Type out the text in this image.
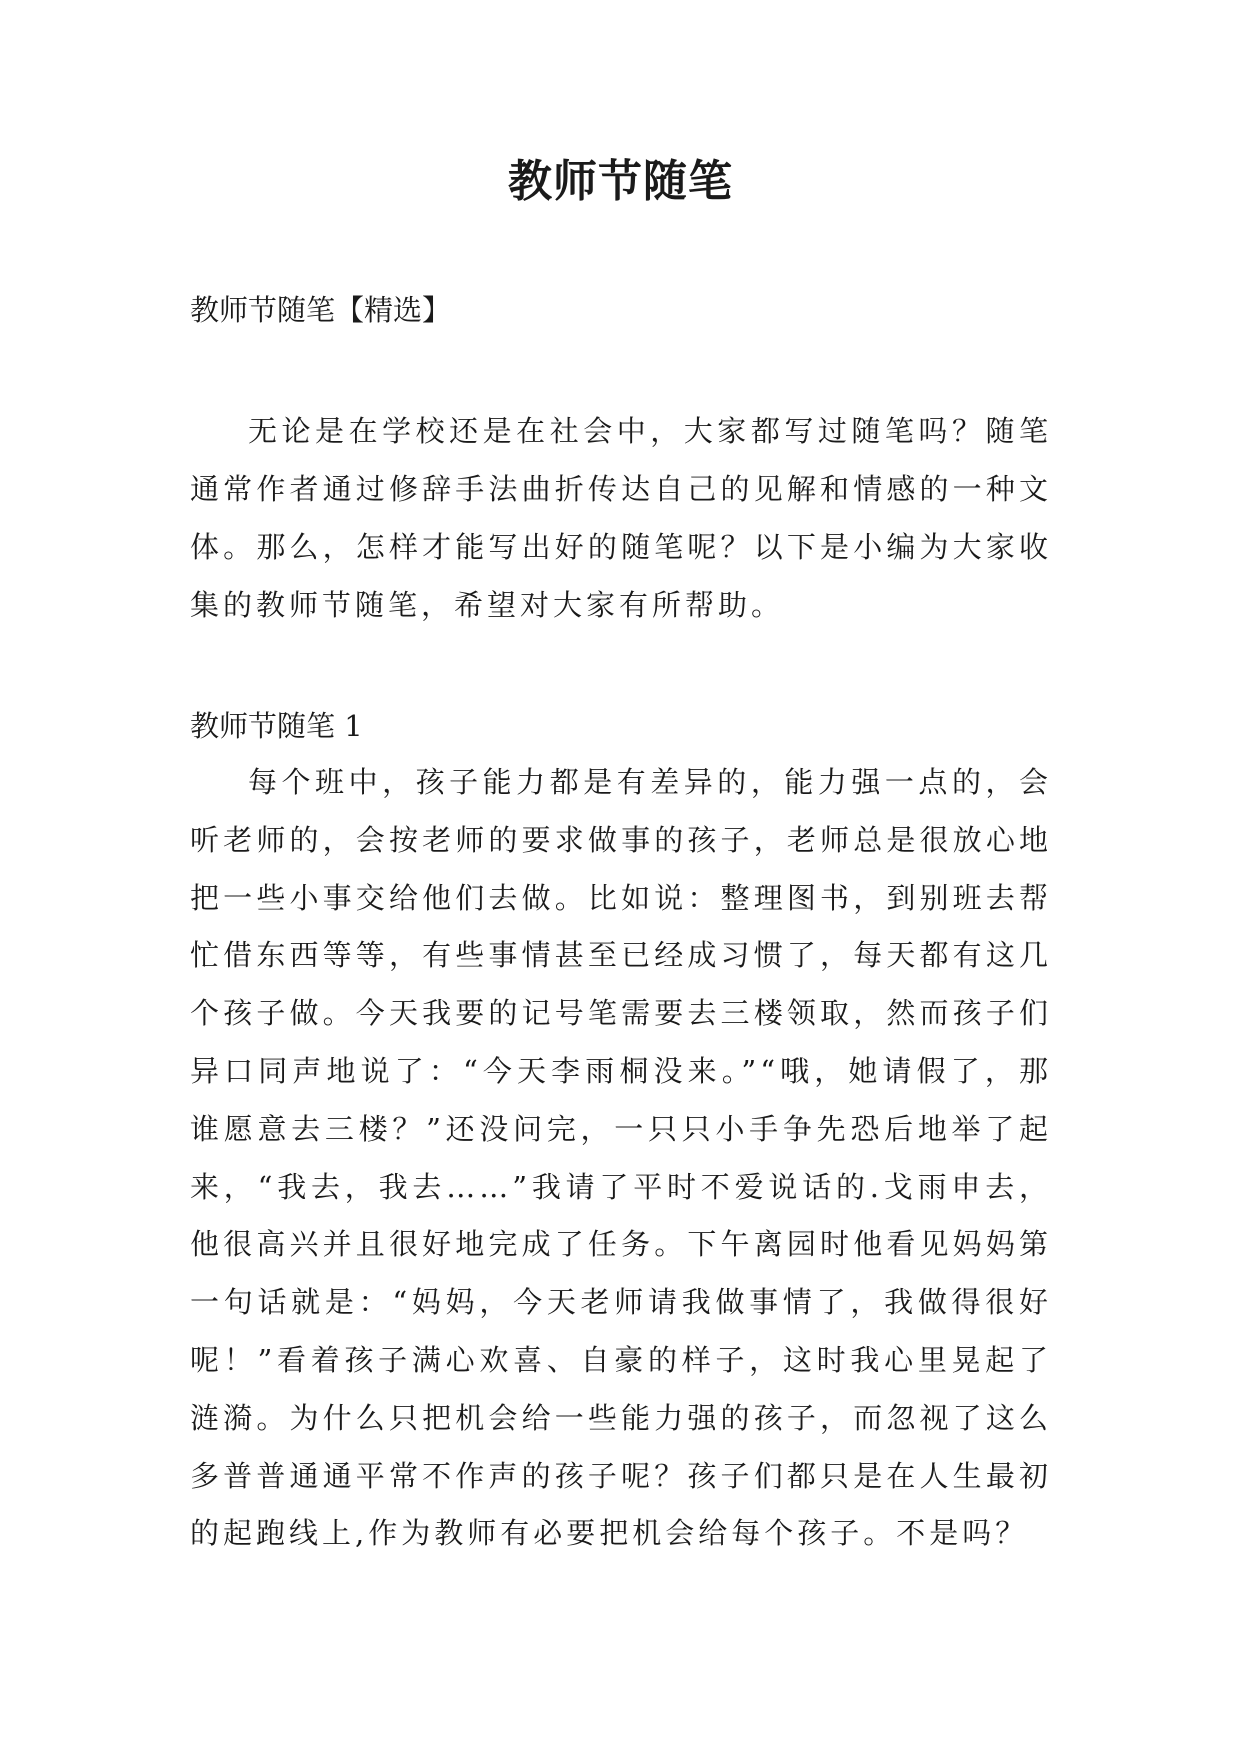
教师节随笔

教师节随笔【精选】

无论是在学校还是在社会中，大家都写过随笔吗？随笔通常作者通过修辞手法曲折传达自己的见解和情感的一种文体。那么，怎样才能写出好的随笔呢？以下是小编为大家收集的教师节随笔，希望对大家有所帮助。

教师节随笔 1

每个班中，孩子能力都是有差异的，能力强一点的，会听老师的，会按老师的要求做事的孩子，老师总是很放心地把一些小事交给他们去做。比如说：整理图书，到别班去帮忙借东西等等，有些事情甚至已经成习惯了，每天都有这几个孩子做。今天我要的记号笔需要去三楼领取，然而孩子们异口同声地说了：“今天李雨桐没来。”“哦，她请假了，那谁愿意去三楼？”还没问完，一只只小手争先恐后地举了起来，“我去，我去……”我请了平时不爱说话的.戈雨申去，他很高兴并且很好地完成了任务。下午离园时他看见妈妈第一句话就是：“妈妈，今天老师请我做事情了，我做得很好呢！”看着孩子满心欢喜、自豪的样子，这时我心里晃起了涟漪。为什么只把机会给一些能力强的孩子，而忽视了这么多普普通通平常不作声的孩子呢？孩子们都只是在人生最初的起跑线上,作为教师有必要把机会给每个孩子。不是吗？
